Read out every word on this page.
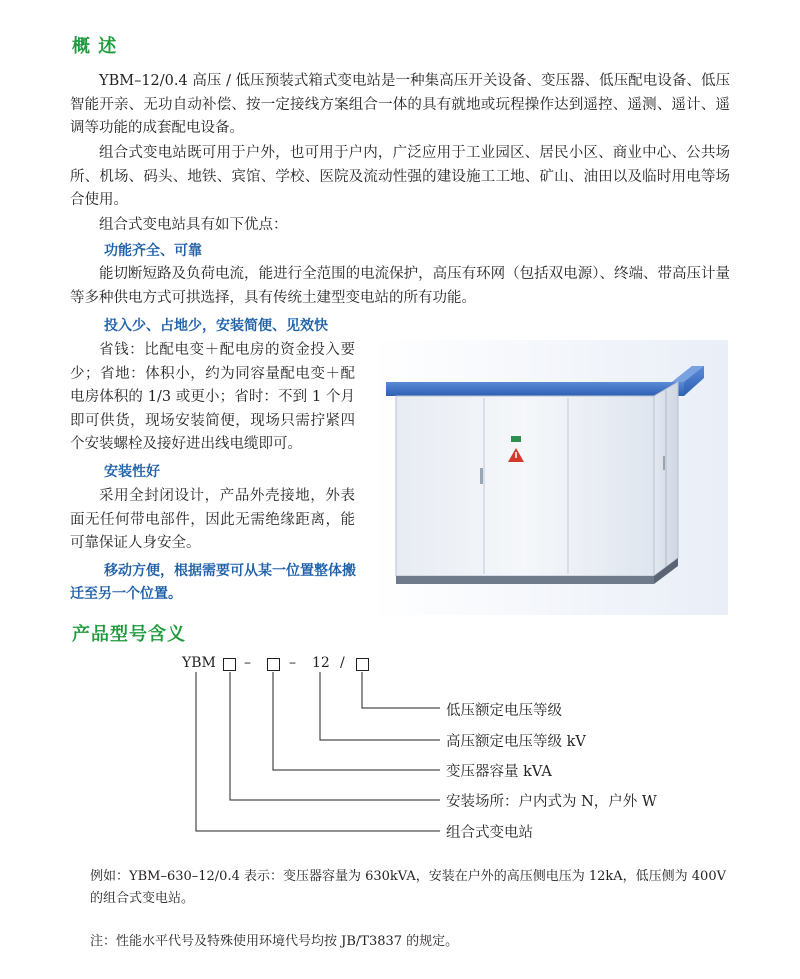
概 述

YBM–12/0.4 高压 / 低压预装式箱式变电站是一种集高压开关设备、变压器、低压配电设备、低压智能开亲、无功自动补偿、按一定接线方案组合一体的具有就地或玩程操作达到遥控、遥测、遥计、遥调等功能的成套配电设备。

组合式变电站既可用于户外，也可用于户内，广泛应用于工业园区、居民小区、商业中心、公共场所、机场、码头、地铁、宾馆、学校、医院及流动性强的建设施工工地、矿山、油田以及临时用电等场合使用。

组合式变电站具有如下优点：

功能齐全、可靠

能切断短路及负荷电流，能进行全范围的电流保护，高压有环网（包括双电源）、终端、带高压计量等多种供电方式可拱选择，具有传统土建型变电站的所有功能。

投入少、占地少，安装简便、见效快

省钱：比配电变＋配电房的资金投入要少；省地：体积小，约为同容量配电变＋配电房体积的 1/3 或更小；省时：不到 1 个月即可供货，现场安装简便，现场只需拧紧四个安装螺栓及接好进出线电缆即可。

安装性好

采用全封闭设计，产品外壳接地，外表面无任何带电部件，因此无需绝缘距离，能可靠保证人身安全。

移动方便，根据需要可从某一位置整体搬迁至另一个位置。
产品型号含义
YBM –	– 12 /
低压额定电压等级
高压额定电压等级 kV
变压器容量 kVA
安装场所：户内式为 N，户外 W
组合式变电站

例如：YBM–630–12/0.4 表示：变压器容量为 630kVA，安装在户外的高压侧电压为 12kA，低压侧为 400V 的组合式变电站。

注：性能水平代号及特殊使用环境代号均按 JB/T3837 的规定。
